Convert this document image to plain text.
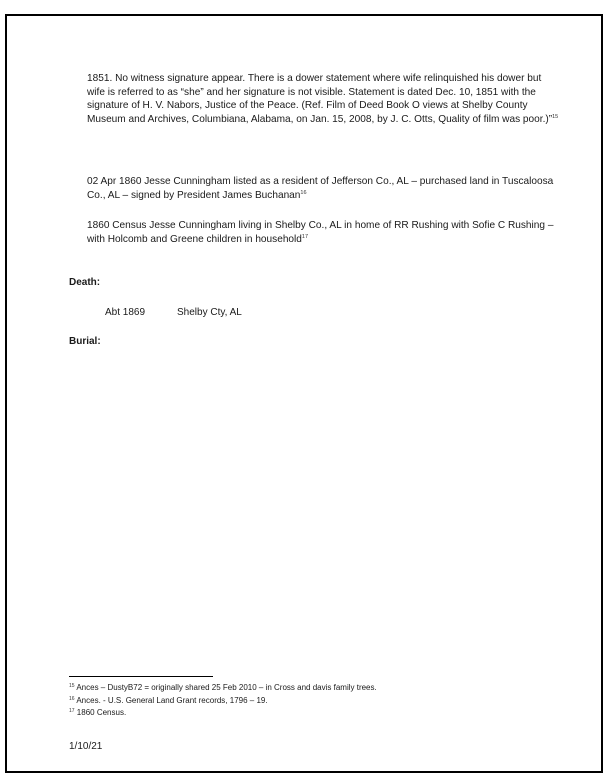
1851. No witness signature appear. There is a dower statement where wife relinquished his dower but wife is referred to as “she” and her signature is not visible. Statement is dated Dec. 10, 1851 with the signature of H. V. Nabors, Justice of the Peace. (Ref. Film of Deed Book O views at Shelby County Museum and Archives, Columbiana, Alabama, on Jan. 15, 2008, by J. C. Otts, Quality of film was poor.)”$^{15}$

02 Apr 1860 Jesse Cunningham listed as a resident of Jefferson Co., AL – purchased land in Tuscaloosa Co., AL – signed by President James Buchanan$^{16}$

1860 Census Jesse Cunningham living in Shelby Co., AL in home of RR Rushing with Sofie C Rushing – with Holcomb and Greene children in household$^{17}$

Death:

Abt 1869	Shelby Cty, AL

Burial:

$^{15}$ Ances – DustyB72 = originally shared 25 Feb 2010 – in Cross and davis family trees.
$^{16}$ Ances. - U.S. General Land Grant records, 1796 – 19.
$^{17}$ 1860 Census.
1/10/21
